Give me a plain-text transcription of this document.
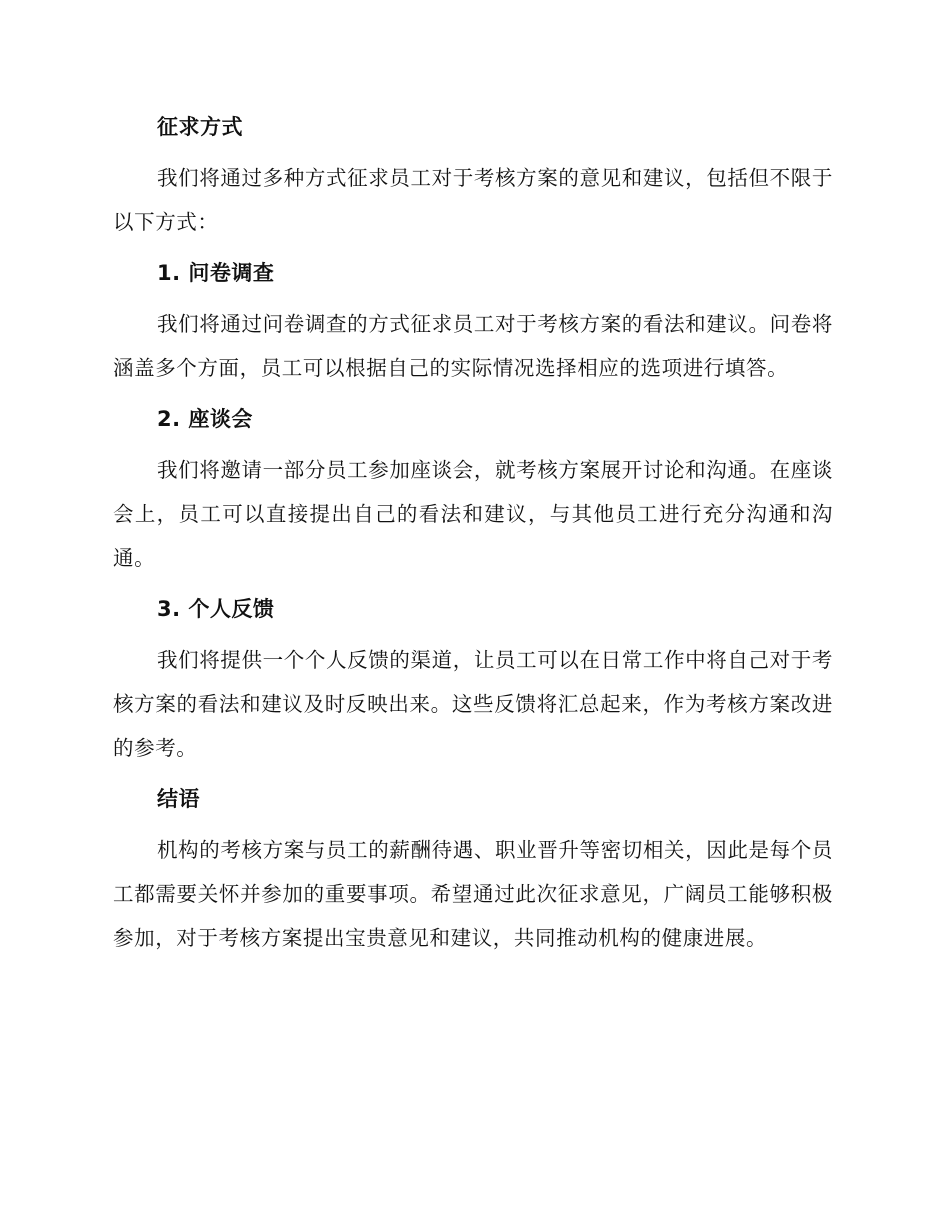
征求方式

我们将通过多种方式征求员工对于考核方案的意见和建议，包括但不限于以下方式：

1. 问卷调查

我们将通过问卷调查的方式征求员工对于考核方案的看法和建议。问卷将涵盖多个方面，员工可以根据自己的实际情况选择相应的选项进行填答。

2. 座谈会

我们将邀请一部分员工参加座谈会，就考核方案展开讨论和沟通。在座谈会上，员工可以直接提出自己的看法和建议，与其他员工进行充分沟通和沟通。

3. 个人反馈

我们将提供一个个人反馈的渠道，让员工可以在日常工作中将自己对于考核方案的看法和建议及时反映出来。这些反馈将汇总起来，作为考核方案改进的参考。

结语

机构的考核方案与员工的薪酬待遇、职业晋升等密切相关，因此是每个员工都需要关怀并参加的重要事项。希望通过此次征求意见，广阔员工能够积极参加，对于考核方案提出宝贵意见和建议，共同推动机构的健康进展。
